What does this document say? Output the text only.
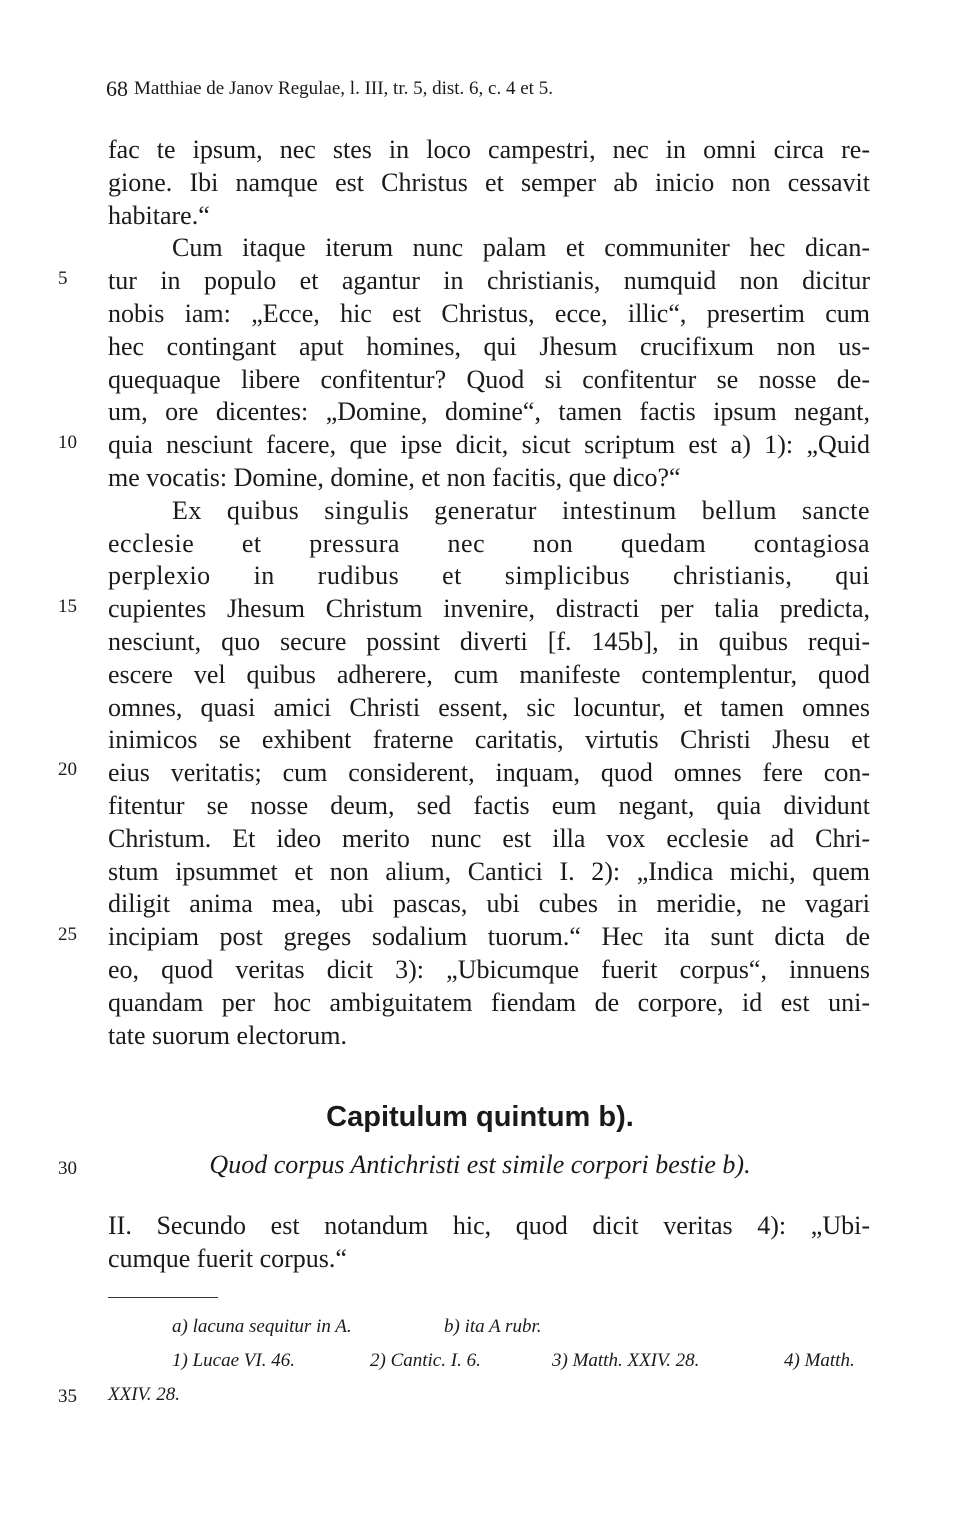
68 Matthiae de Janov Regulae, l. III, tr. 5, dist. 6, c. 4 et 5.
fac te ipsum, nec stes in loco campestri, nec in omni circa re-
gione. Ibi namque est Christus et semper ab inicio non cessavit
habitare.“
Cum itaque iterum nunc palam et communiter hec dican-
tur in populo et agantur in christianis, numquid non dicitur
nobis iam: „Ecce, hic est Christus, ecce, illic“, presertim cum
hec contingant aput homines, qui Jhesum crucifixum non us-
quequaque libere confitentur? Quod si confitentur se nosse de-
um, ore dicentes: „Domine, domine“, tamen factis ipsum negant,
quia nesciunt facere, que ipse dicit, sicut scriptum est a) 1): „Quid
me vocatis: Domine, domine, et non facitis, que dico?“
Ex quibus singulis generatur intestinum bellum sancte
ecclesie et pressura nec non quedam contagiosa
perplexio in rudibus et simplicibus christianis, qui
cupientes Jhesum Christum invenire, distracti per talia predicta,
nesciunt, quo secure possint diverti [f. 145b], in quibus requi-
escere vel quibus adherere, cum manifeste contemplentur, quod
omnes, quasi amici Christi essent, sic locuntur, et tamen omnes
inimicos se exhibent fraterne caritatis, virtutis Christi Jhesu et
eius veritatis; cum considerent, inquam, quod omnes fere con-
fitentur se nosse deum, sed factis eum negant, quia dividunt
Christum. Et ideo merito nunc est illa vox ecclesie ad Chri-
stum ipsummet et non alium, Cantici I. 2): „Indica michi, quem
diligit anima mea, ubi pascas, ubi cubes in meridie, ne vagari
incipiam post greges sodalium tuorum.“ Hec ita sunt dicta de
eo, quod veritas dicit 3): „Ubicumque fuerit corpus“, innuens
quandam per hoc ambiguitatem fiendam de corpore, id est uni-
tate suorum electorum.
5
10
15
20
25
30
35
Capitulum quintum b).
Quod corpus Antichristi est simile corpori bestie b).
II. Secundo est notandum hic, quod dicit veritas 4): „Ubi-
cumque fuerit corpus.“
a) lacuna sequitur in A.	b) ita A rubr.
1) Lucae VI. 46.	2) Cantic. I. 6.	3) Matth. XXIV. 28.	4) Matth.
XXIV. 28.
